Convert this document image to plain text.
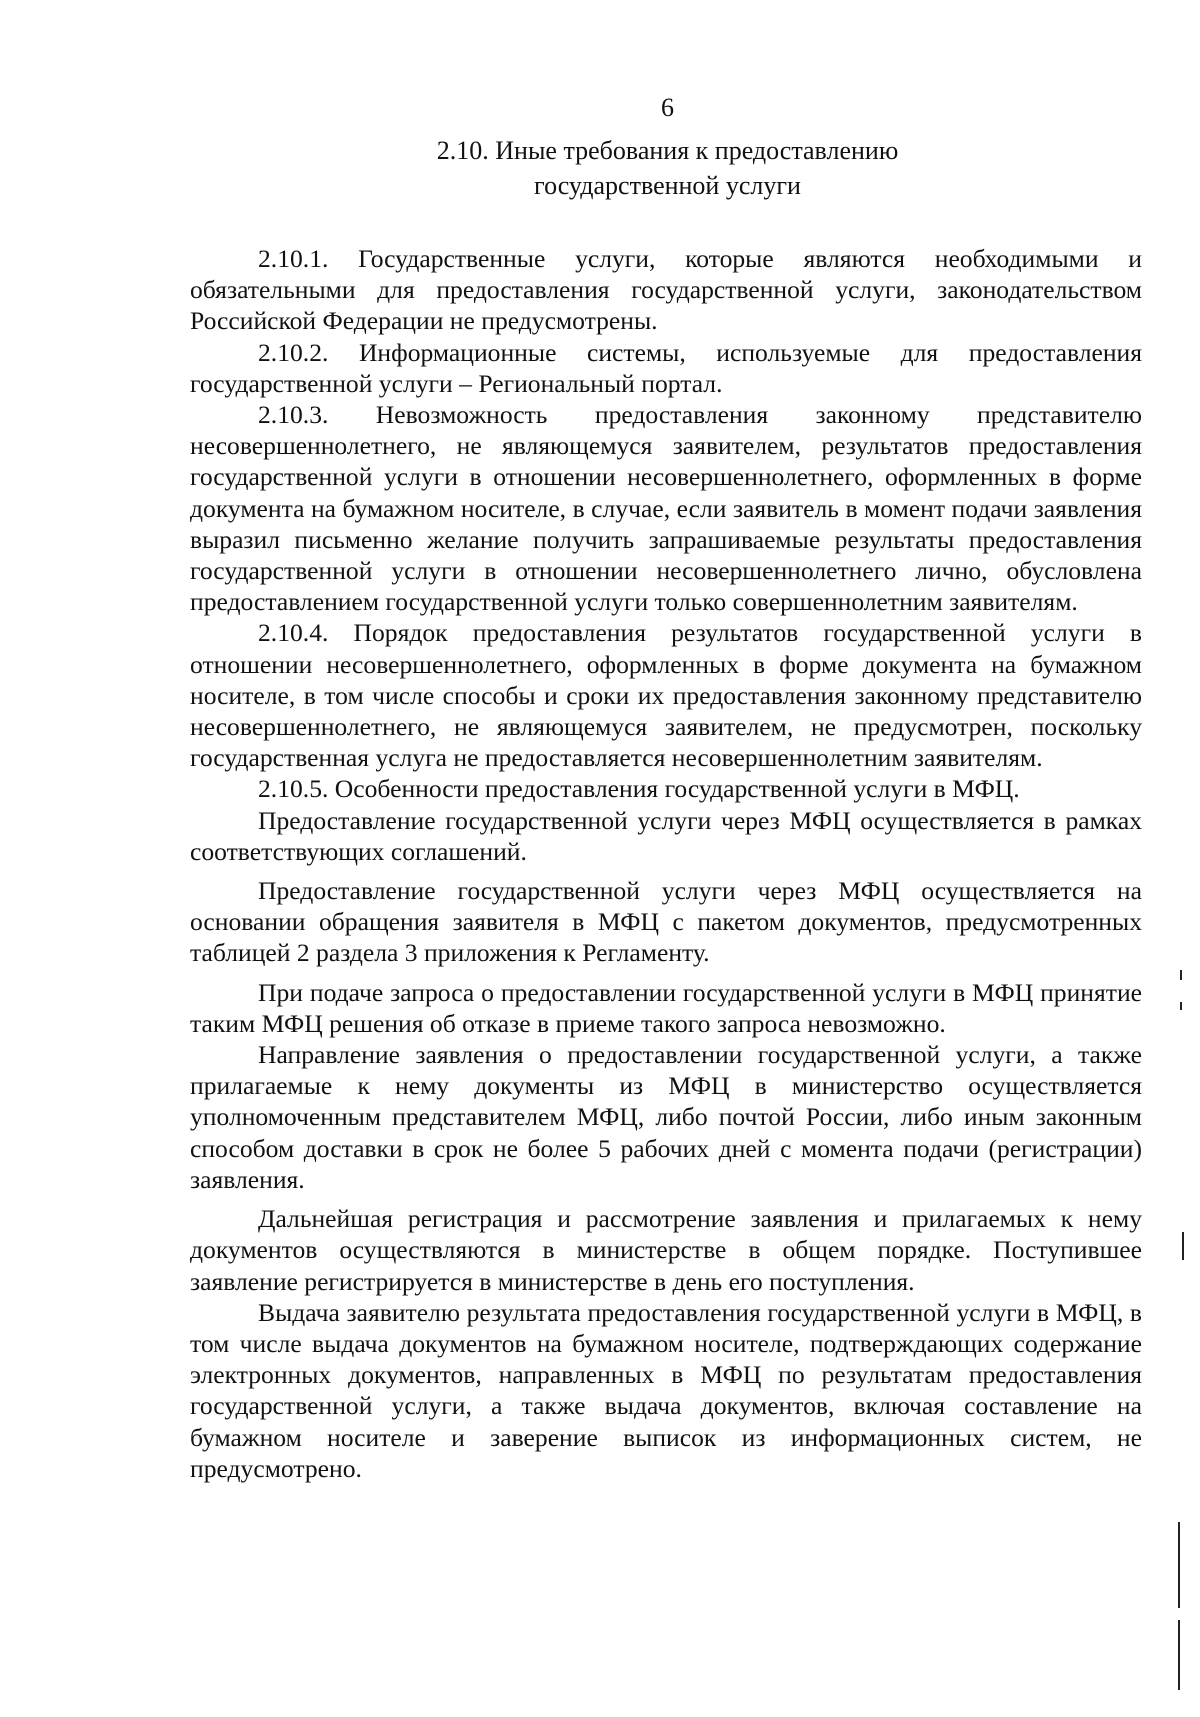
6
2.10. Иные требования к предоставлению
государственной услуги

2.10.1. Государственные услуги, которые являются необходимыми и обязательными для предоставления государственной услуги, законодательством Российской Федерации не предусмотрены.

2.10.2. Информационные системы, используемые для предоставления государственной услуги – Региональный портал.

2.10.3. Невозможность предоставления законному представителю несовершеннолетнего, не являющемуся заявителем, результатов предоставления государственной услуги в отношении несовершеннолетнего, оформленных в форме документа на бумажном носителе, в случае, если заявитель в момент подачи заявления выразил письменно желание получить запрашиваемые результаты предоставления государственной услуги в отношении несовершеннолетнего лично, обусловлена предоставлением государственной услуги только совершеннолетним заявителям.

2.10.4. Порядок предоставления результатов государственной услуги в отношении несовершеннолетнего, оформленных в форме документа на бумажном носителе, в том числе способы и сроки их предоставления законному представителю несовершеннолетнего, не являющемуся заявителем, не предусмотрен, поскольку государственная услуга не предоставляется несовершеннолетним заявителям.

2.10.5. Особенности предоставления государственной услуги в МФЦ.

Предоставление государственной услуги через МФЦ осуществляется в рамках соответствующих соглашений.

Предоставление государственной услуги через МФЦ осуществляется на основании обращения заявителя в МФЦ с пакетом документов, предусмотренных таблицей 2 раздела 3 приложения к Регламенту.

При подаче запроса о предоставлении государственной услуги в МФЦ принятие таким МФЦ решения об отказе в приеме такого запроса невозможно.

Направление заявления о предоставлении государственной услуги, а также прилагаемые к нему документы из МФЦ в министерство осуществляется уполномоченным представителем МФЦ, либо почтой России, либо иным законным способом доставки в срок не более 5 рабочих дней с момента подачи (регистрации) заявления.

Дальнейшая регистрация и рассмотрение заявления и прилагаемых к нему документов осуществляются в министерстве в общем порядке. Поступившее заявление регистрируется в министерстве в день его поступления.

Выдача заявителю результата предоставления государственной услуги в МФЦ, в том числе выдача документов на бумажном носителе, подтверждающих содержание электронных документов, направленных в МФЦ по результатам предоставления государственной услуги, а также выдача документов, включая составление на бумажном носителе и заверение выписок из информационных систем, не предусмотрено.
